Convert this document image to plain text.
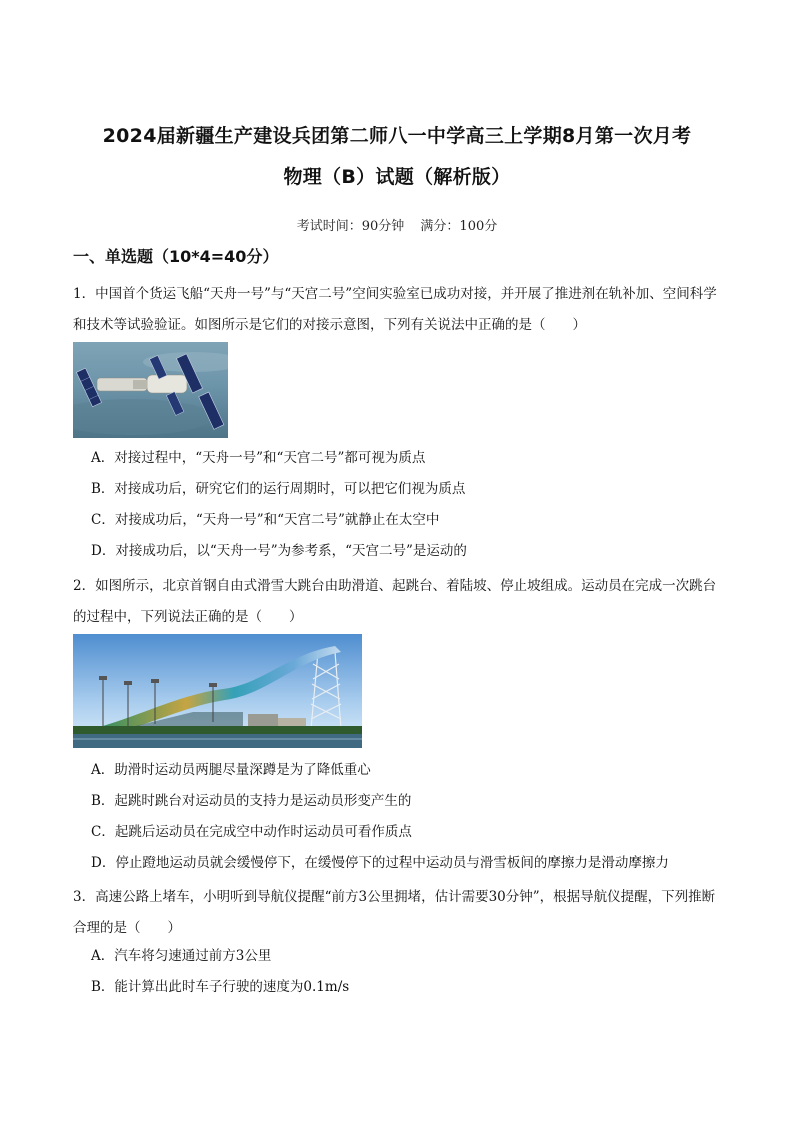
2024届新疆生产建设兵团第二师八一中学高三上学期8月第一次月考
物理（B）试题（解析版）
考试时间：90分钟 满分：100分
一、单选题（10*4=40分）
1．中国首个货运飞船“天舟一号”与“天宫二号”空间实验室已成功对接，并开展了推进剂在轨补加、空间科学和技术等试验验证。如图所示是它们的对接示意图，下列有关说法中正确的是（　　）
A．对接过程中，“天舟一号”和“天宫二号”都可视为质点
B．对接成功后，研究它们的运行周期时，可以把它们视为质点
C．对接成功后，“天舟一号”和“天宫二号”就静止在太空中
D．对接成功后，以“天舟一号”为参考系，“天宫二号”是运动的
2．如图所示，北京首钢自由式滑雪大跳台由助滑道、起跳台、着陆坡、停止坡组成。运动员在完成一次跳台的过程中，下列说法正确的是（　　）
A．助滑时运动员两腿尽量深蹲是为了降低重心
B．起跳时跳台对运动员的支持力是运动员形变产生的
C．起跳后运动员在完成空中动作时运动员可看作质点
D．停止蹬地运动员就会缓慢停下，在缓慢停下的过程中运动员与滑雪板间的摩擦力是滑动摩擦力
3．高速公路上堵车，小明听到导航仪提醒“前方3公里拥堵，估计需要30分钟”，根据导航仪提醒，下列推断合理的是（　　）
A．汽车将匀速通过前方3公里
B．能计算出此时车子行驶的速度为0.1m/s
